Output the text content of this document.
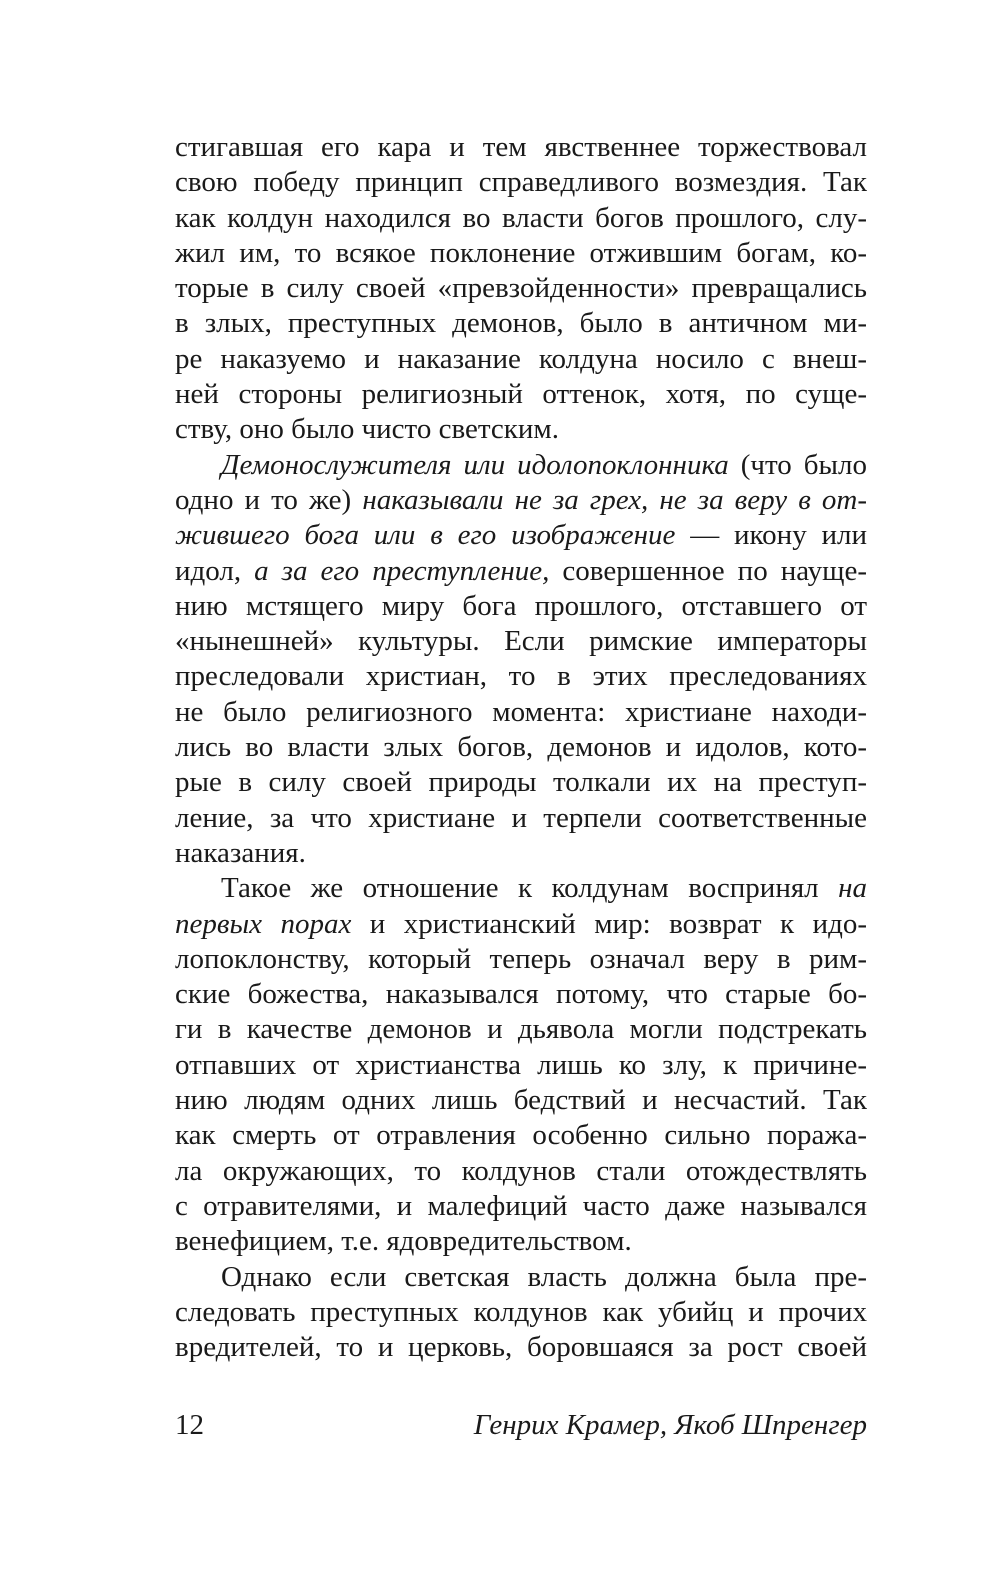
стигавшая его кара и тем явственнее торжествовал
свою победу принцип справедливого возмездия. Так
как колдун находился во власти богов прошлого, слу-
жил им, то всякое поклонение отжившим богам, ко-
торые в силу своей «превзойденности» превращались
в злых, преступных демонов, было в античном ми-
ре наказуемо и наказание колдуна носило с внеш-
ней стороны религиозный оттенок, хотя, по суще-
ству, оно было чисто светским.
Демонослужителя или идолопоклонника (что было
одно и то же) наказывали не за грех, не за веру в от-
жившего бога или в его изображение — икону или
идол, а за его преступление, совершенное по науще-
нию мстящего миру бога прошлого, отставшего от
«нынешней» культуры. Если римские императоры
преследовали христиан, то в этих преследованиях
не было религиозного момента: христиане находи-
лись во власти злых богов, демонов и идолов, кото-
рые в силу своей природы толкали их на преступ-
ление, за что христиане и терпели соответственные
наказания.
Такое же отношение к колдунам воспринял на
первых порах и христианский мир: возврат к идо-
лопоклонству, который теперь означал веру в рим-
ские божества, наказывался потому, что старые бо-
ги в качестве демонов и дьявола могли подстрекать
отпавших от христианства лишь ко злу, к причине-
нию людям одних лишь бедствий и несчастий. Так
как смерть от отравления особенно сильно поража-
ла окружающих, то колдунов стали отождествлять
с отравителями, и малефиций часто даже назывался
венефицием, т.е. ядовредительством.
Однако если светская власть должна была пре-
следовать преступных колдунов как убийц и прочих
вредителей, то и церковь, боровшаяся за рост своей
12	Генрих Крамер, Якоб Шпренгер
